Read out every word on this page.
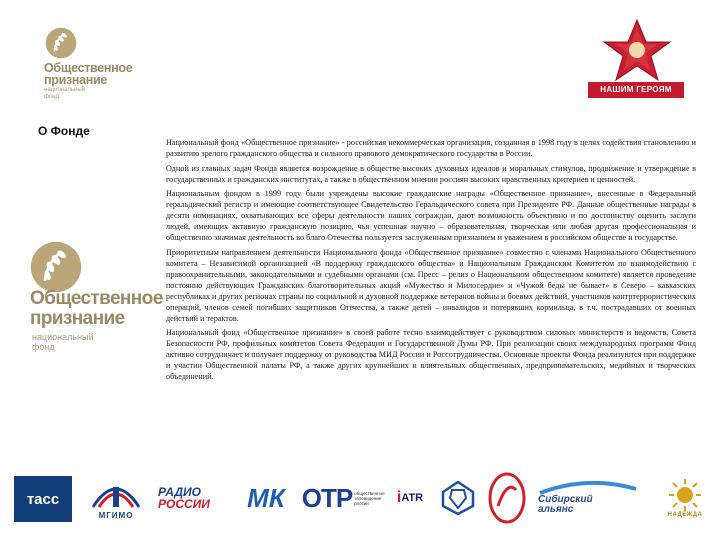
Общественное
признание
национальный фонд
НАШИМ ГЕРОЯМ
О Фонде
Общественное
признание
национальный фонд

Национальный фонд «Общественное признание» - российская некоммерческая организация, созданная в 1998 году в целях содействия становлению и развитию зрелого гражданского общества и сильного правового демократического государства в России.

Одной из главных задач Фонда является возрождение в обществе высоких духовных идеалов и моральных стимулов, продвижение и утверждение в государственных и гражданских институтах, а также в общественном мнении россиян высоких нравственных критериев и ценностей.

Национальным фондом в 1999 году были учреждены высокие гражданские награды «Общественное признание», внесенные в Федеральный геральдический регистр и имеющие соответствующее Свидетельство Геральдического совета при Президенте РФ. Данные общественные награды в десяти номинациях, охватывающих все сферы деятельности наших сограждан, дают возможность объективно и по достоинству оценить заслуги людей, имеющих активную гражданскую позицию, чья успешная научно – образовательная, творческая или любая другая профессиональная и общественно значимая деятельность во благо Отечества пользуется заслуженным признанием и уважением в российском обществе и государстве.

Приоритетным направлением деятельности Национального фонда «Общественное признание» совместно с членами Национального Общественного комитета – Независимой организацией «В поддержку гражданского общества» и Национальным Гражданским Комитетом по взаимодействию с правоохранительными, законодательными и судебными органами (см. Пресс – релиз о Национальном общественном комитете) является проведение постоянно действующих Гражданских благотворительных акций «Мужество и Милосердие» и «Чужой беды не бывает» в Северо – кавказских республиках и других регионах страны по социальной и духовной поддержке ветеранов войны и боевых действий, участников контртеррористических операций, членов семей погибших защитников Отечества, а также детей – инвалидов и потерявших кормильца, в т.ч. пострадавших от военных действий и терактов.

Национальный фонд «Общественное признание» в своей работе тесно взаимодействует с руководством силовых министерств и ведомств, Совета Безопасности РФ, профильных комитетов Совета Федерации и Государственной Думы РФ. При реализации своих международных программ Фонд активно сотрудничает и получает поддержку от руководства МИД России и Россотрудничества. Основные проекты Фонда реализуются при поддержке и участии Общественной палаты РФ, а также других крупнейших и влиятельных общественных, предпринимательских, медийных и творческих объединений.

тасс
МГИМО
РАДИО
РОССИИ МК ОТР общественное телевидение россии	i ATR	Сибирский
альянс	НАДЕЖДА
